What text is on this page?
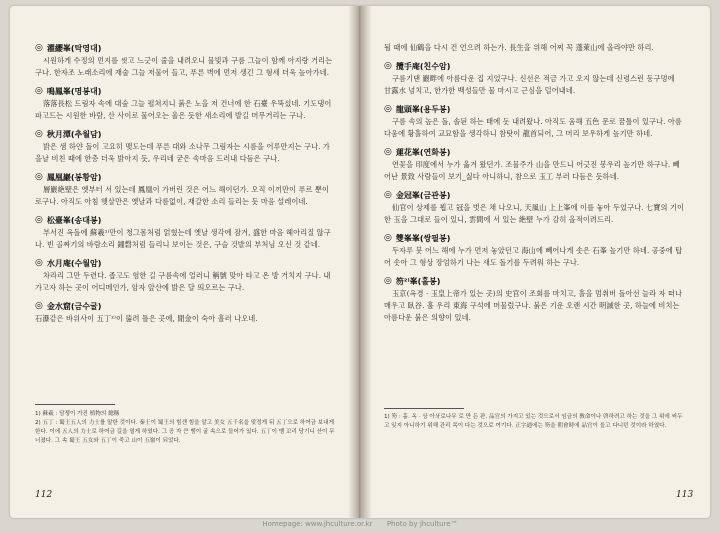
◎ 濯纓峯(탁영대)
시원하게 수정의 먼지를 씻고 느긋이 줄을 내려오니 물빛과 구름 그늘이 함께 아지랑 거리는 구나. 한자조 노래소리에 재술 그늘 저물어 들고, 푸른 벽에 먼저 생긴 그 형세 더욱 높아가네.
◎ 鳴鳳峯(명봉대)
落落長松 드림자 속에 대숲 그늘 펼쳐지니 붉은 노을 저 건너에 한 石臺 우뚝섰네. 기도댕이 파고드는 시원한 바람, 산 사이로 물어오는 울은 듯한 새소리에 발길 머무거리는 구나.
◎ 秋月潭(추월담)
밝은 샘 하얀 돌이 고요히 맺도는데 푸른 대와 소나무 그림자는 시름을 어루만지는 구나. 가을날 비친 때에 한층 더욱 밝아지 듯, 우리네 굳은 속마음 드러내 다듬은 구나.
◎ 鳳凰巖(봉황암)
層巖絶壁은 옛부터 서 있는데 鳳凰이 가버린 것은 어느 해이던가. 오직 이끼만이 푸르 뿐이로구나. 아직도 아침 햇살만은 옛날과 다름없이, 재갈한 소리 들리는 듯 마음 설레이네.
◎ 松臺峯(송대봉)
부서진 옥돌에 蘇羲¹⁾만이 청그몸처럼 얽혔는데 옛날 생각에 잠겨, 盛한 마음 헤아리질 않구나. 빈 골짜기의 바람소리 鐘磬처럼 들리니 보이는 것은, 구슬 것발의 부처님 오신 것 같네.
◎ 水月庵(수월암)
차라리 그만 두련다. 좁고도 험한 길 구름속에 얼러니 稱號 맞아 타고 온 방 거치지 구나. 내 가고자 하는 곳이 어디메인가, 암자 앞산에 밝은 달 띄오르는 구나.
◎ 金水窟(금수굴)
石瀑같은 바위사이 五丁²⁾이 뚫려 틀은 곳에, 閒金이 숙아 흘러 나오네.
1) 蘇羲 : 담쟁이 가진 植物의 總稱
2) 五丁 : 蜀王五人의 力士를 말한 것이다. 秦王이 蜀王의 힘센 힘을 알고 美女 五千名을 맞정게 뒤 五丁으로 하여금 보내게 한다. 이에 五人의 力士로 하여금 길을 열게 하였다. 그 공 자 큰 뱀이 굴 속으로 들어가 있다. 五丁이 뱀 꼬리 당기니 산이 무너졌다. 그 속 蜀王 五女와 五丁이 죽고 山이 五嶺이 되었다.
112
될 때에 仙鶴을 다시 건 언으려 하는가. 長生을 위해 어찌 꼭 蓬萊山에 올라야만 하리.
◎ 攬手庵(친수암)
구름기댄 巖畔에 아름다운 집 지었구나. 신선은 적금 가고 오지 않는데 신령스런 동구멍에 甘露水 넘치고, 한가한 백성들만 물 마시고 근심을 덜어내네.
◎ 龍頭峯(용두봉)
구름 속의 높은 돌, 솔된 하는 태에 돗 내려왔나. 아직도 움해 五色 문로 꿈틀이 있구나. 아름다움에 황홀하여 교묘함을 생각하니 참탓이 龍首되어, 그 머리 보우하게 높기만 하네.
◎ 蓮花峯(연화봉)
연꽃을 印度에서 누가 옮겨 왔던가. 조물주가 山을 만드니 어긋진 봉우리 높기만 하구나. 빼어난 景致 사람들이 보기_싫다 아니하니, 참으로 玉工 부러 다듬은 듯하네.
◎ 金冠峯(금관봉)
仙官이 상제를 뵙고 冠을 벗은 채 나오니, 天風山 上上峯에 이를 놓아 두었구나. 七寶의 기이한 玉을 그대로 들이 있니, 雲間에 서 있는 絶壁 누가 감히 올적이려드리.
◎ 雙峯峯(쌍필봉)
두자루 붓 어느 해에 누가 먼저 놓았던고 海山에 빼어나게 솟은 石峯 높기만 하네. 공중에 탑어 솟아 그 형상 장엄하기 나는 새도 돌기를 두려워 하는 구나.
◎ 笏²⁾峯(홀봉)
玉京(옥경 · 玉皇上帝가 있는 곳)의 史官이 조회를 마치고, 홀을 멈춰버 돌아선 늘라 자 떠나 매우고 臥谷. 훌 우리 東海 구석에 머물렀구나. 붉은 기운 오랜 시간 明滅한 곳, 하늘에 비치는 아름다운 붉은 의향이 있네.
1) 笏 : 홀. 옥 · 상 아牙로나무 로 만 든 판. 品官의 가지고 있는 것으로서 임금의 敎命이나 啓하려고 하는 것을 그 위에 써두고 잊지 아니하기 위해 관리 목이 다는 것으로 여기다. 正字通에는 笏을 朝會時에 品官이 들고 다니던 것이라 하였다.
113
Homepage: www.jhculture.or.kr Photo by jhculture™
